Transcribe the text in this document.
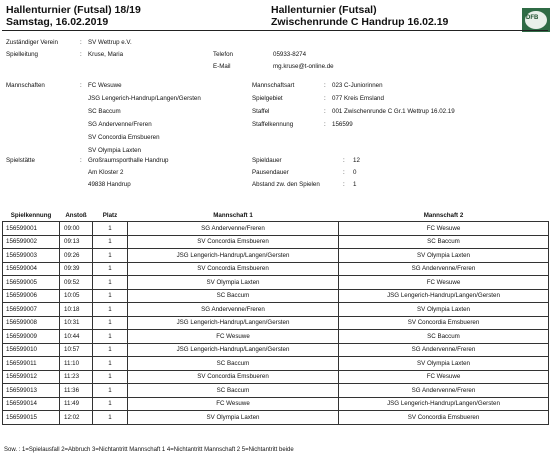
Hallenturnier (Futsal) 18/19
Samstag, 16.02.2019
Hallenturnier (Futsal)
Zwischenrunde C Handrup 16.02.19	DFB
Zuständiger Verein	: SV Wettrup e.V.
Spielleitung	: Kruse, Maria	Telefon	05933-8274
E-Mail	mg.kruse@t-online.de
Mannschaften	: FC Wesuwe
JSG Lengerich-Handrup/Langen/Gersten
SC Baccum
SG Andervenne/Freren
SV Concordia Emsbueren
SV Olympia Laxten
Mannschaftsart	: 023 C-Juniorinnen
Spielgebiet	: 077 Kreis Emsland
Staffel	: 001 Zwischenrunde C Gr.1 Wettrup 16.02.19
Staffelkennung	: 156599
Spielstätte	: Großraumsporthalle Handrup
Am Kloster 2
49838 Handrup
Spieldauer	: 12
Pausendauer	: 0
Abstand zw. den Spielen	: 1
Spielkennung	Anstoß	Platz	Mannschaft 1	Mannschaft 2
156599001	09:00	1	SG Andervenne/Freren	FC Wesuwe
156599002	09:13	1	SV Concordia Emsbueren	SC Baccum
156599003	09:26	1	JSG Lengerich-Handrup/Langen/Gersten	SV Olympia Laxten
156599004	09:39	1	SV Concordia Emsbueren	SG Andervenne/Freren
156599005	09:52	1	SV Olympia Laxten	FC Wesuwe
156599006	10:05	1	SC Baccum	JSG Lengerich-Handrup/Langen/Gersten
156599007	10:18	1	SG Andervenne/Freren	SV Olympia Laxten
156599008	10:31	1	JSG Lengerich-Handrup/Langen/Gersten	SV Concordia Emsbueren
156599009	10:44	1	FC Wesuwe	SC Baccum
156599010	10:57	1	JSG Lengerich-Handrup/Langen/Gersten	SG Andervenne/Freren
156599011	11:10	1	SC Baccum	SV Olympia Laxten
156599012	11:23	1	SV Concordia Emsbueren	FC Wesuwe
156599013	11:36	1	SC Baccum	SG Andervenne/Freren
156599014	11:49	1	FC Wesuwe	JSG Lengerich-Handrup/Langen/Gersten
156599015	12:02	1	SV Olympia Laxten	SV Concordia Emsbueren
Sow. : 1=Spielausfall 2=Abbruch 3=Nichtantritt Mannschaft 1 4=Nichtantritt Mannschaft 2 5=Nichtantritt beide
